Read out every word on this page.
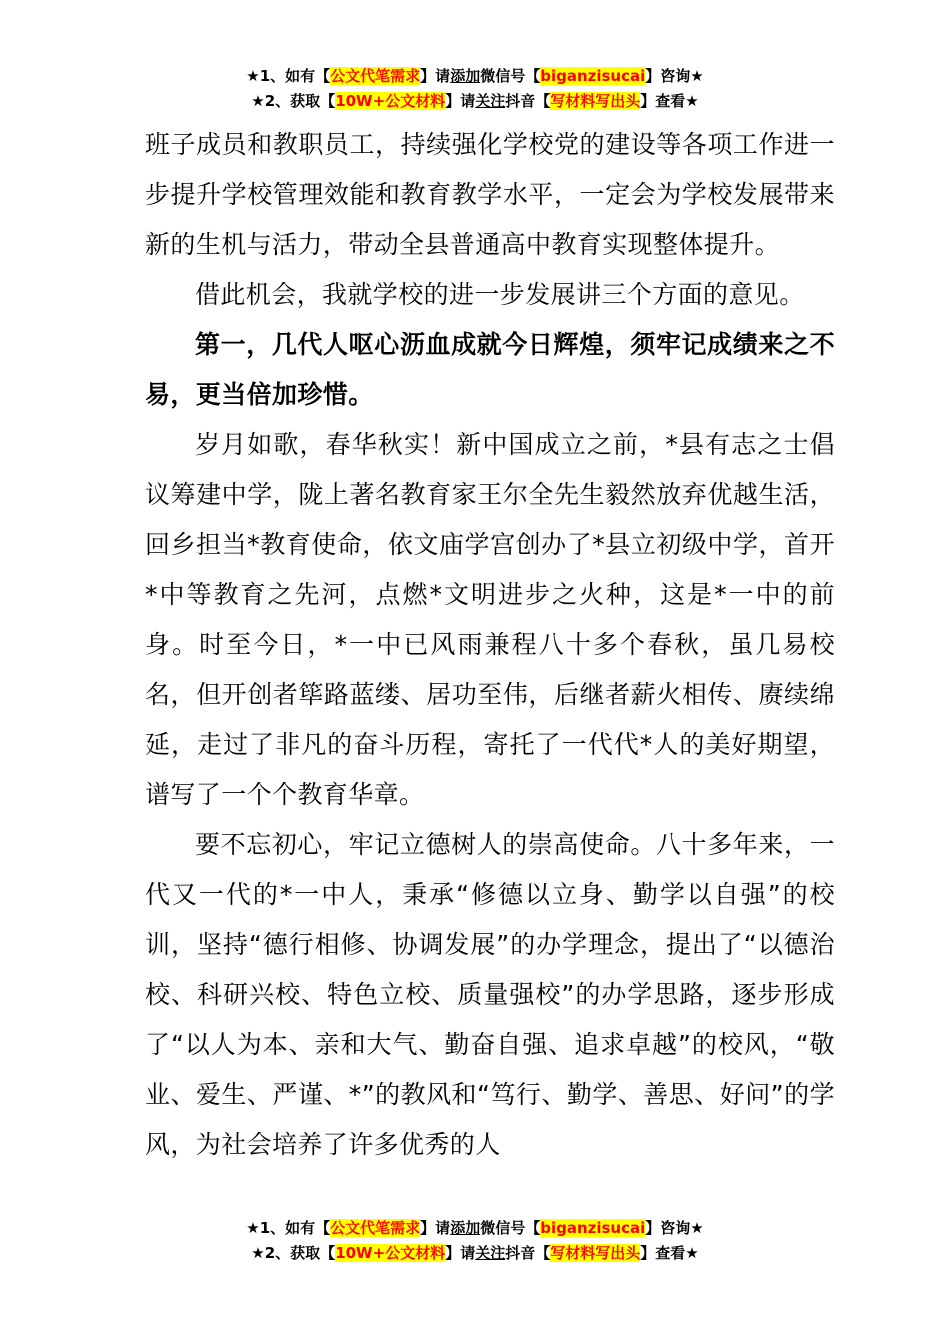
★1、如有【公文代笔需求】请添加微信号【biganzisucai】咨询★
★2、获取【10W+公文材料】请关注抖音【写材料写出头】查看★

班子成员和教职员工，持续强化学校党的建设等各项工作进一步提升学校管理效能和教育教学水平，一定会为学校发展带来新的生机与活力，带动全县普通高中教育实现整体提升。

借此机会，我就学校的进一步发展讲三个方面的意见。

第一，几代人呕心沥血成就今日辉煌，须牢记成绩来之不易，更当倍加珍惜。

岁月如歌，春华秋实！新中国成立之前，*县有志之士倡议筹建中学，陇上著名教育家王尔全先生毅然放弃优越生活，回乡担当*教育使命，依文庙学宫创办了*县立初级中学，首开*中等教育之先河，点燃*文明进步之火种，这是*一中的前身。时至今日，*一中已风雨兼程八十多个春秋，虽几易校名，但开创者筚路蓝缕、居功至伟，后继者薪火相传、赓续绵延，走过了非凡的奋斗历程，寄托了一代代*人的美好期望，谱写了一个个教育华章。

要不忘初心，牢记立德树人的崇高使命。八十多年来，一代又一代的*一中人，秉承“修德以立身、勤学以自强”的校训，坚持“德行相修、协调发展”的办学理念，提出了“以德治校、科研兴校、特色立校、质量强校”的办学思路，逐步形成了“以人为本、亲和大气、勤奋自强、追求卓越”的校风，“敬业、爱生、严谨、*”的教风和“笃行、勤学、善思、好问”的学风，为社会培养了许多优秀的人

★1、如有【公文代笔需求】请添加微信号【biganzisucai】咨询★
★2、获取【10W+公文材料】请关注抖音【写材料写出头】查看★
